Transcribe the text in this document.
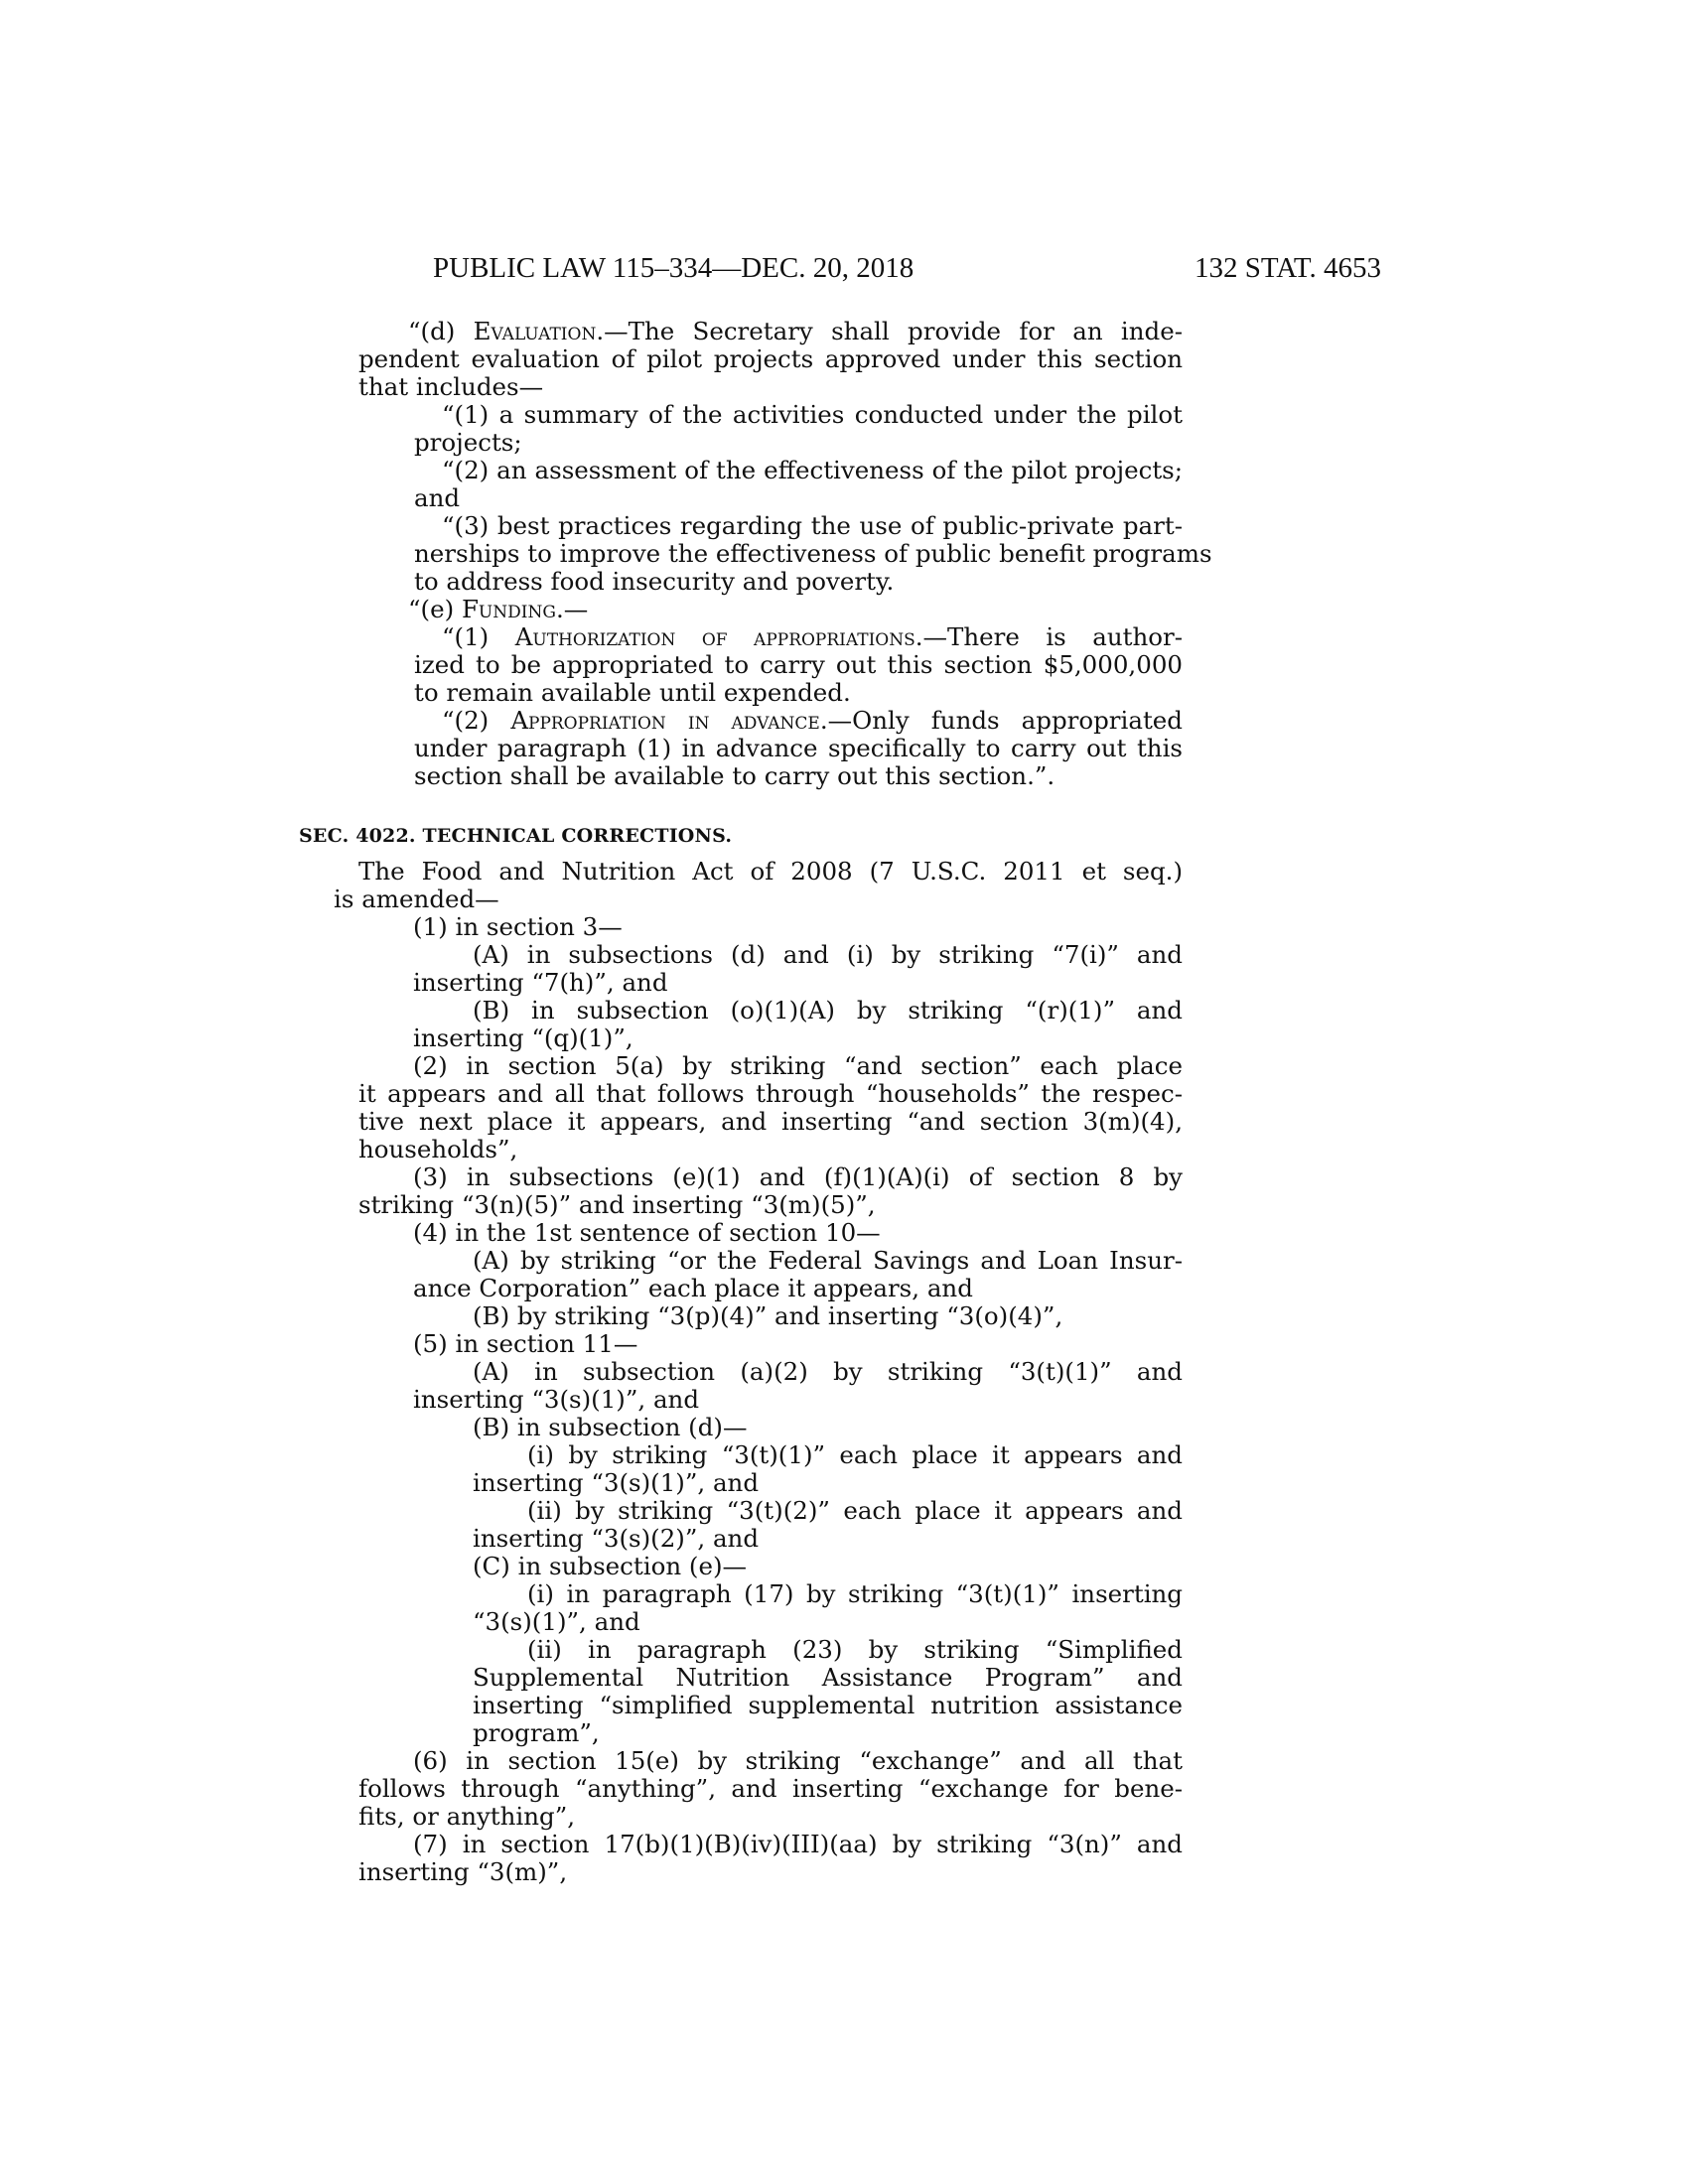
PUBLIC LAW 115–334—DEC. 20, 2018	132 STAT. 4653
“(d) Evaluation.—The Secretary shall provide for an inde-
pendent evaluation of pilot projects approved under this section
that includes—
“(1) a summary of the activities conducted under the pilot
projects;
“(2) an assessment of the effectiveness of the pilot projects;
and
“(3) best practices regarding the use of public-private part-
nerships to improve the effectiveness of public benefit programs
to address food insecurity and poverty.
“(e) Funding.—
“(1) Authorization of appropriations.—There is author-
ized to be appropriated to carry out this section $5,000,000
to remain available until expended.
“(2) Appropriation in advance.—Only funds appropriated
under paragraph (1) in advance specifically to carry out this
section shall be available to carry out this section.”.
SEC. 4022. TECHNICAL CORRECTIONS.
The Food and Nutrition Act of 2008 (7 U.S.C. 2011 et seq.)
is amended—
(1) in section 3—
(A) in subsections (d) and (i) by striking “7(i)” and
inserting “7(h)”, and
(B) in subsection (o)(1)(A) by striking “(r)(1)” and
inserting “(q)(1)”,
(2) in section 5(a) by striking “and section” each place
it appears and all that follows through “households” the respec-
tive next place it appears, and inserting “and section 3(m)(4),
households”,
(3) in subsections (e)(1) and (f)(1)(A)(i) of section 8 by
striking “3(n)(5)” and inserting “3(m)(5)”,
(4) in the 1st sentence of section 10—
(A) by striking “or the Federal Savings and Loan Insur-
ance Corporation” each place it appears, and
(B) by striking “3(p)(4)” and inserting “3(o)(4)”,
(5) in section 11—
(A) in subsection (a)(2) by striking “3(t)(1)” and
inserting “3(s)(1)”, and
(B) in subsection (d)—
(i) by striking “3(t)(1)” each place it appears and
inserting “3(s)(1)”, and
(ii) by striking “3(t)(2)” each place it appears and
inserting “3(s)(2)”, and
(C) in subsection (e)—
(i) in paragraph (17) by striking “3(t)(1)” inserting
“3(s)(1)”, and
(ii) in paragraph (23) by striking “Simplified
Supplemental Nutrition Assistance Program” and
inserting “simplified supplemental nutrition assistance
program”,
(6) in section 15(e) by striking “exchange” and all that
follows through “anything”, and inserting “exchange for bene-
fits, or anything”,
(7) in section 17(b)(1)(B)(iv)(III)(aa) by striking “3(n)” and
inserting “3(m)”,
